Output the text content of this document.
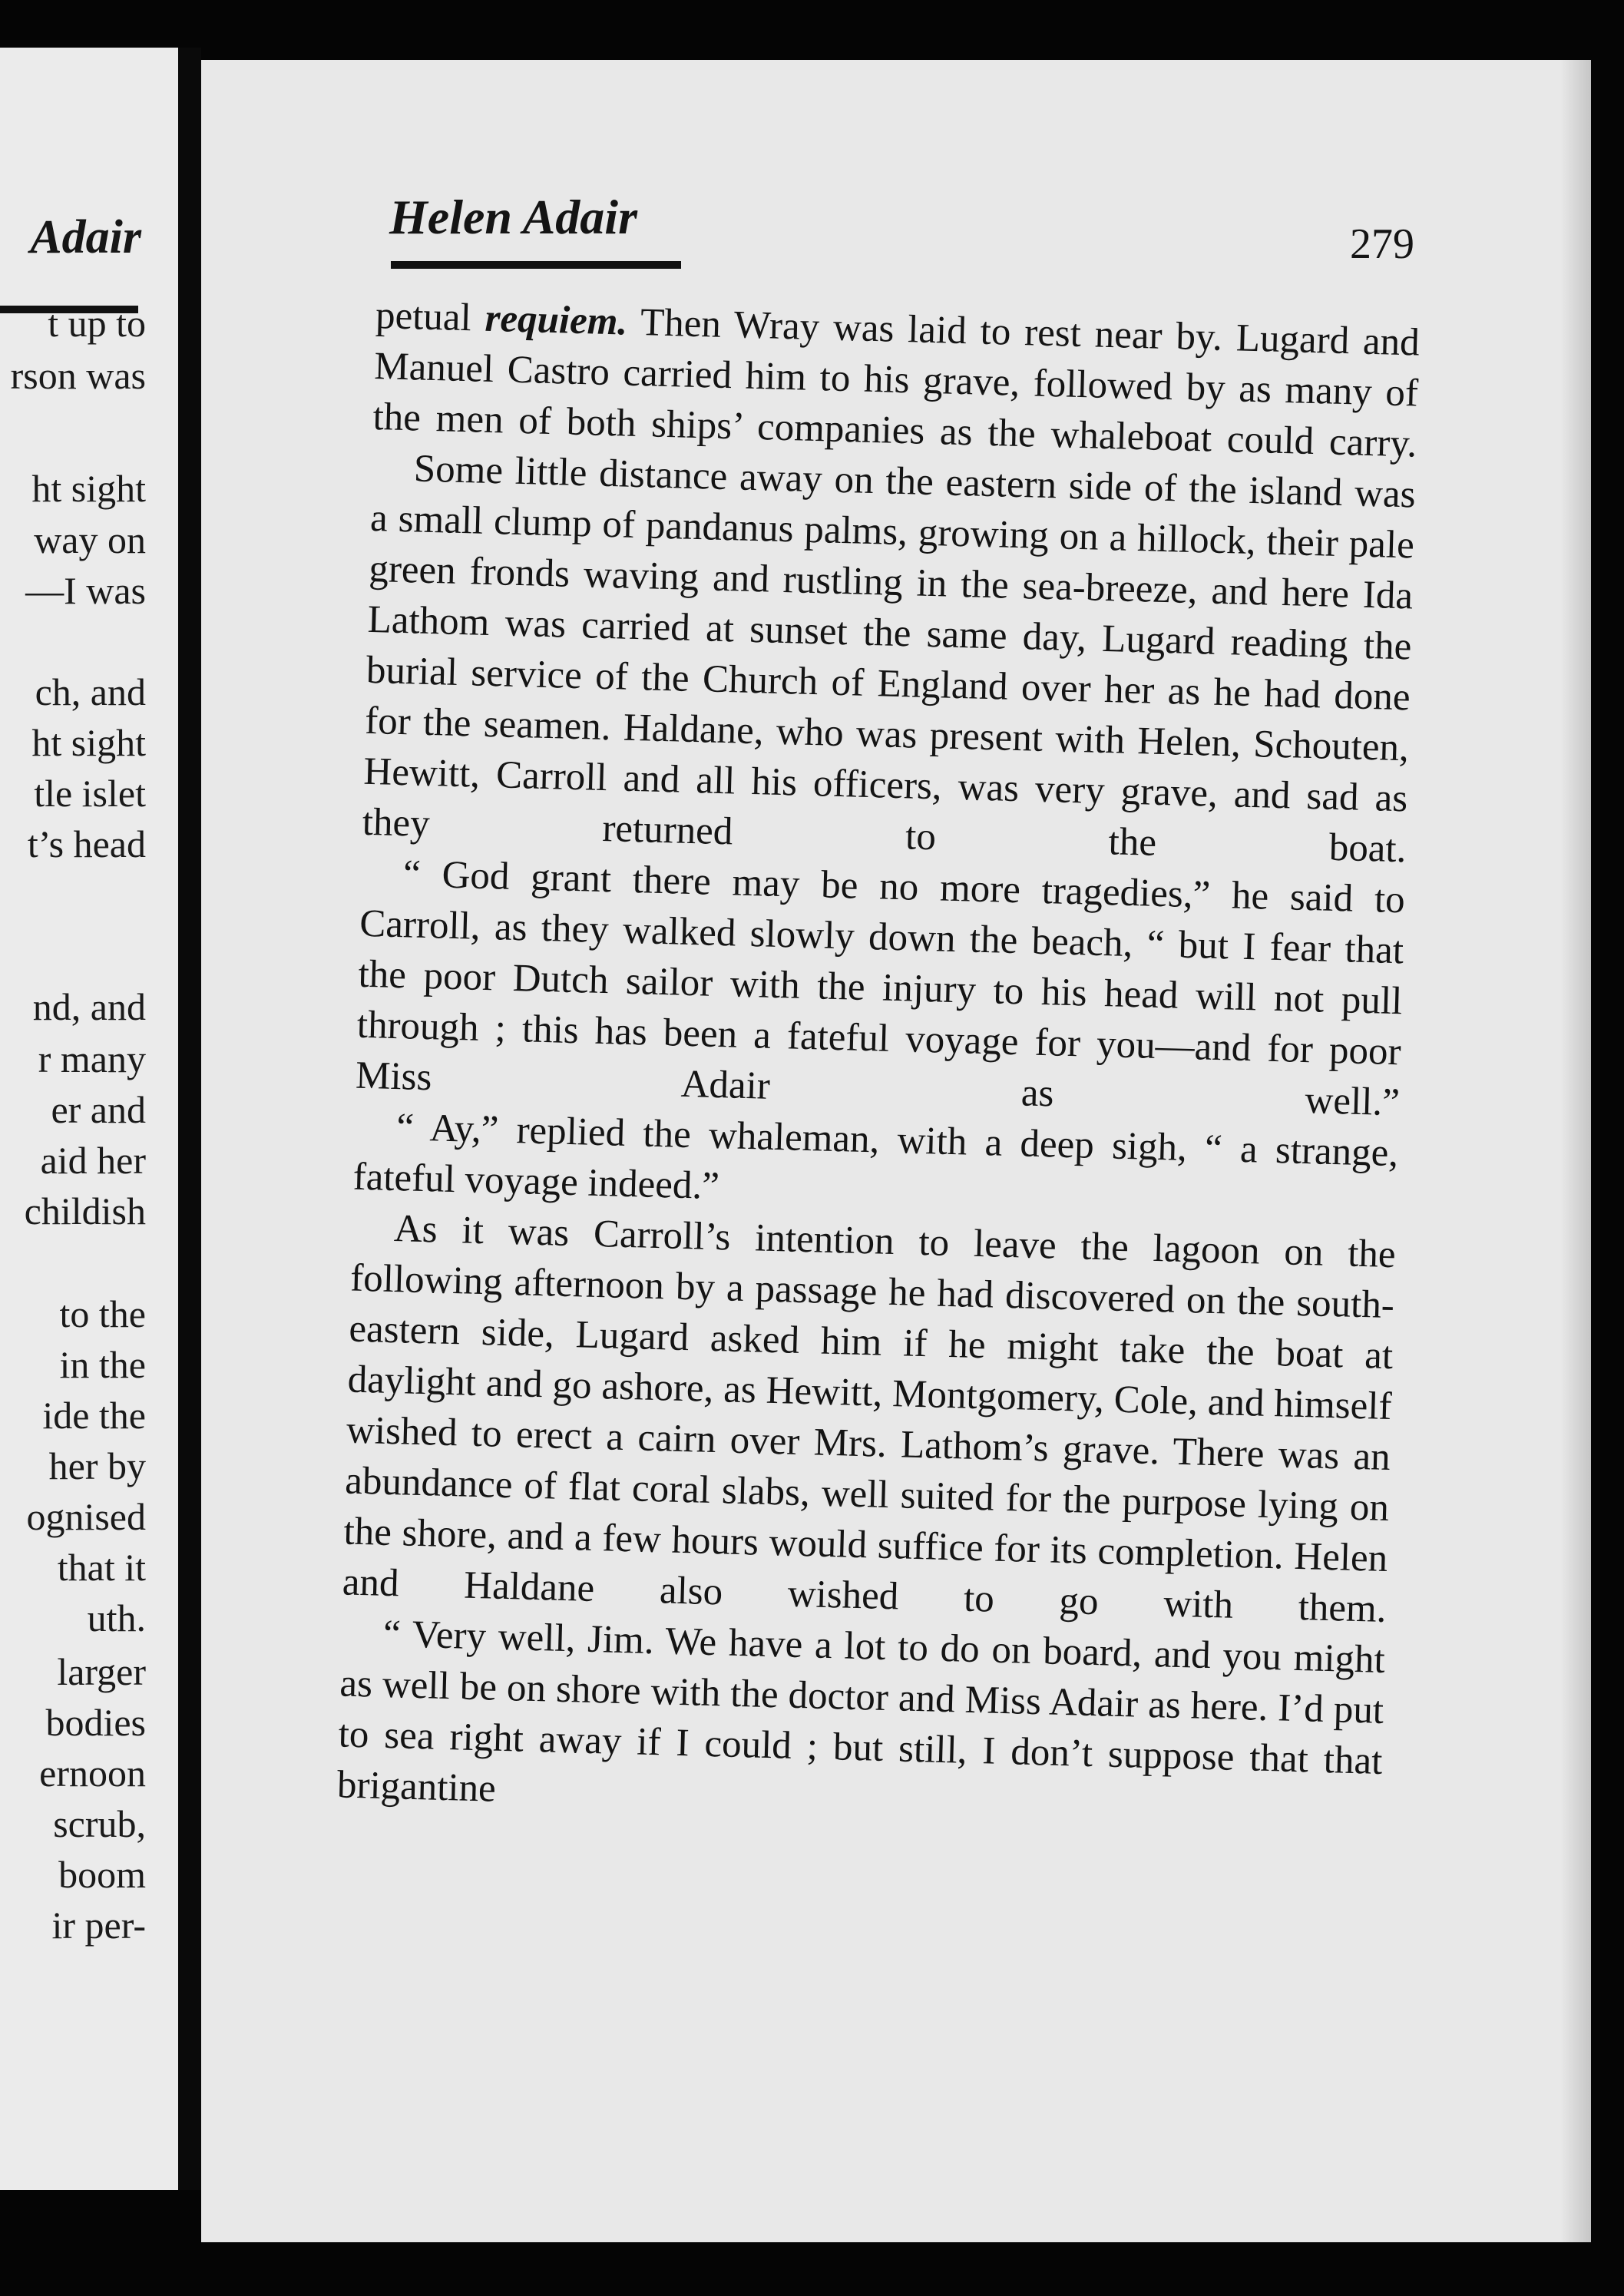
Adair
t up to
rson was
ht sight
way on
—I was
ch, and
ht sight
tle islet
t’s head
nd, and
r many
er and
aid her
childish
to the
in the
ide the
her by
ognised
that it
uth.
larger
bodies
ernoon
scrub,
boom
ir per-
Helen Adair	279

petual requiem. Then Wray was laid to rest near by. Lugard and Manuel Castro carried him to his grave, followed by as many of the men of both ships’ companies as the whaleboat could carry.

Some little distance away on the eastern side of the island was a small clump of pandanus palms, growing on a hillock, their pale green fronds waving and rustling in the sea-breeze, and here Ida Lathom was carried at sunset the same day, Lugard reading the burial service of the Church of England over her as he had done for the seamen. Haldane, who was present with Helen, Schouten, Hewitt, Carroll and all his officers, was very grave, and sad as they returned to the boat.

“ God grant there may be no more tragedies,” he said to Carroll, as they walked slowly down the beach, “ but I fear that the poor Dutch sailor with the injury to his head will not pull through ; this has been a fateful voyage for you—and for poor Miss Adair as well.”

“ Ay,” replied the whaleman, with a deep sigh, “ a strange, fateful voyage indeed.”

As it was Carroll’s intention to leave the lagoon on the following afternoon by a passage he had discovered on the south-eastern side, Lugard asked him if he might take the boat at daylight and go ashore, as Hewitt, Montgomery, Cole, and himself wished to erect a cairn over Mrs. Lathom’s grave. There was an abundance of flat coral slabs, well suited for the purpose lying on the shore, and a few hours would suffice for its completion. Helen and Haldane also wished to go with them.

“ Very well, Jim. We have a lot to do on board, and you might as well be on shore with the doctor and Miss Adair as here. I’d put to sea right away if I could ; but still, I don’t suppose that that brigantine
